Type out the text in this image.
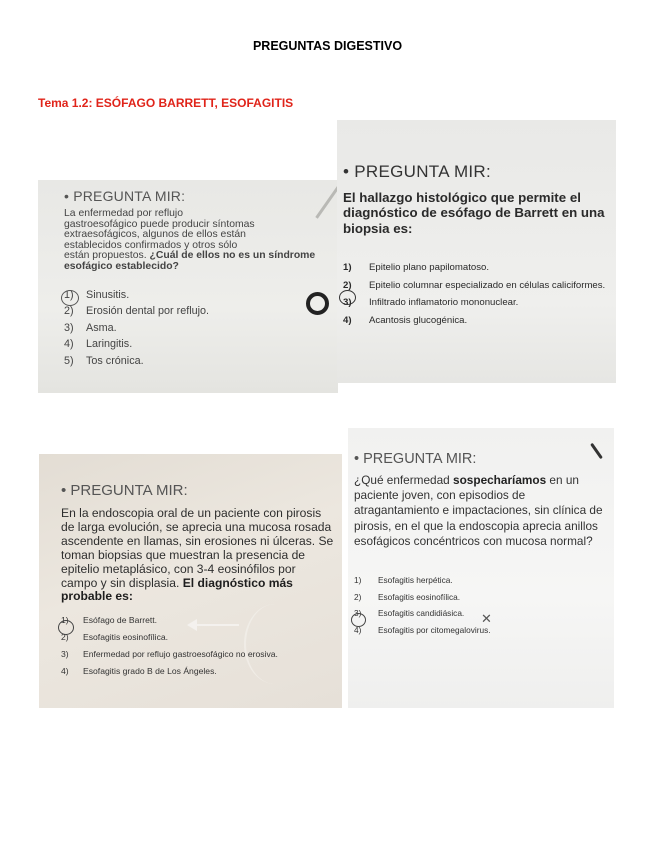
PREGUNTAS DIGESTIVO
Tema 1.2: ESÓFAGO BARRETT, ESOFAGITIS
• PREGUNTA MIR:

La enfermedad por reflujo

gastroesofágico puede producir síntomas

extraesofágicos, algunos de ellos están

establecidos confirmados y otros sólo

están propuestos. ¿Cuál de ellos no es un síndrome esofágico establecido?

1)	Sinusitis.
2)	Erosión dental por reflujo.
3)	Asma.
4)	Laringitis.
5)	Tos crónica.
• PREGUNTA MIR:
El hallazgo histológico que permite el diagnóstico de esófago de Barrett en una biopsia es:
1)	Epitelio plano papilomatoso.
2)	Epitelio columnar especializado en células caliciformes.
3)	Infiltrado inflamatorio mononuclear.
4)	Acantosis glucogénica.
• PREGUNTA MIR:
En la endoscopia oral de un paciente con pirosis de larga evolución, se aprecia una mucosa rosada ascendente en llamas, sin erosiones ni úlceras. Se toman biopsias que muestran la presencia de epitelio metaplásico, con 3-4 eosinófilos por campo y sin displasia. El diagnóstico más probable es:
1)	Esófago de Barrett.
2)	Esofagitis eosinofílica.
3)	Enfermedad por reflujo gastroesofágico no erosiva.
4)	Esofagitis grado B de Los Ángeles.
• PREGUNTA MIR:
¿Qué enfermedad sospecharíamos en un paciente joven, con episodios de atragantamiento e impactaciones, sin clínica de pirosis, en el que la endoscopia aprecia anillos esofágicos concéntricos con mucosa normal?
1)	Esofagitis herpética.
2)	Esofagitis eosinofílica.
3)	Esofagitis candidiásica.
4)	Esofagitis por citomegalovirus.
✕
